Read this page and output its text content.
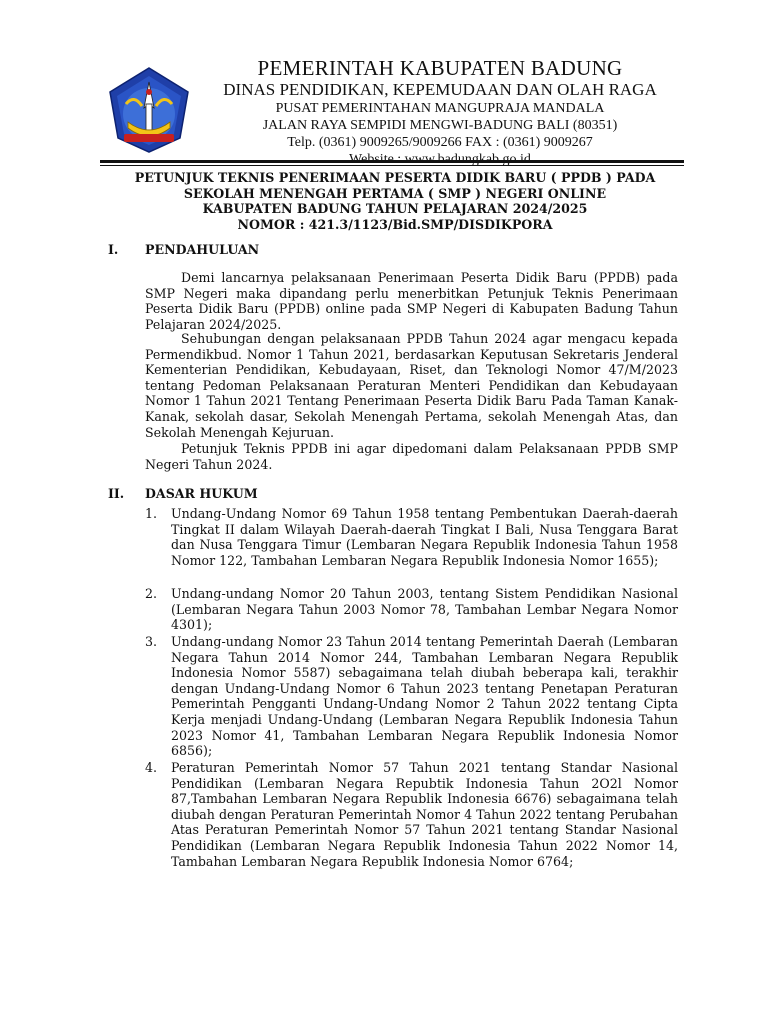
PEMERINTAH KABUPATEN BADUNG
DINAS PENDIDIKAN, KEPEMUDAAN DAN OLAH RAGA
PUSAT PEMERINTAHAN MANGUPRAJA MANDALA
JALAN RAYA SEMPIDI MENGWI-BADUNG BALI (80351)
Telp. (0361) 9009265/9009266 FAX : (0361) 9009267
Website : www.badungkab.go.id
PETUNJUK TEKNIS PENERIMAAN PESERTA DIDIK BARU ( PPDB ) PADA
SEKOLAH MENENGAH PERTAMA ( SMP ) NEGERI ONLINE
KABUPATEN BADUNG TAHUN PELAJARAN 2024/2025
NOMOR : 421.3/1123/Bid.SMP/DISDIKPORA
I. PENDAHULUAN
Demi lancarnya pelaksanaan Penerimaan Peserta Didik Baru (PPDB) pada SMP Negeri maka dipandang perlu menerbitkan Petunjuk Teknis Penerimaan Peserta Didik Baru (PPDB) online pada SMP Negeri di Kabupaten Badung Tahun Pelajaran 2024/2025.
Sehubungan dengan pelaksanaan PPDB Tahun 2024 agar mengacu kepada Permendikbud. Nomor 1 Tahun 2021, berdasarkan Keputusan Sekretaris Jenderal Kementerian Pendidikan, Kebudayaan, Riset, dan Teknologi Nomor 47/M/2023 tentang Pedoman Pelaksanaan Peraturan Menteri Pendidikan dan Kebudayaan Nomor 1 Tahun 2021 Tentang Penerimaan Peserta Didik Baru Pada Taman Kanak-Kanak, sekolah dasar, Sekolah Menengah Pertama, sekolah Menengah Atas, dan Sekolah Menengah Kejuruan.
Petunjuk Teknis PPDB ini agar dipedomani dalam Pelaksanaan PPDB SMP Negeri Tahun 2024.
II. DASAR HUKUM
1. Undang-Undang Nomor 69 Tahun 1958 tentang Pembentukan Daerah-daerah Tingkat II dalam Wilayah Daerah-daerah Tingkat I Bali, Nusa Tenggara Barat dan Nusa Tenggara Timur (Lembaran Negara Republik Indonesia Tahun 1958 Nomor 122, Tambahan Lembaran Negara Republik Indonesia Nomor 1655);
2. Undang-undang Nomor 20 Tahun 2003, tentang Sistem Pendidikan Nasional (Lembaran Negara Tahun 2003 Nomor 78, Tambahan Lembar Negara Nomor 4301);
3. Undang-undang Nomor 23 Tahun 2014 tentang Pemerintah Daerah (Lembaran Negara Tahun 2014 Nomor 244, Tambahan Lembaran Negara Republik Indonesia Nomor 5587) sebagaimana telah diubah beberapa kali, terakhir dengan Undang-Undang Nomor 6 Tahun 2023 tentang Penetapan Peraturan Pemerintah Pengganti Undang-Undang Nomor 2 Tahun 2022 tentang Cipta Kerja menjadi Undang-Undang (Lembaran Negara Republik Indonesia Tahun 2023 Nomor 41, Tambahan Lembaran Negara Republik Indonesia Nomor 6856);
4. Peraturan Pemerintah Nomor 57 Tahun 2021 tentang Standar Nasional Pendidikan (Lembaran Negara Repubtik Indonesia Tahun 2O2l Nomor 87,Tambahan Lembaran Negara Republik Indonesia 6676) sebagaimana telah diubah dengan Peraturan Pemerintah Nomor 4 Tahun 2022 tentang Perubahan Atas Peraturan Pemerintah Nomor 57 Tahun 2021 tentang Standar Nasional Pendidikan (Lembaran Negara Republik Indonesia Tahun 2022 Nomor 14, Tambahan Lembaran Negara Republik Indonesia Nomor 6764;
